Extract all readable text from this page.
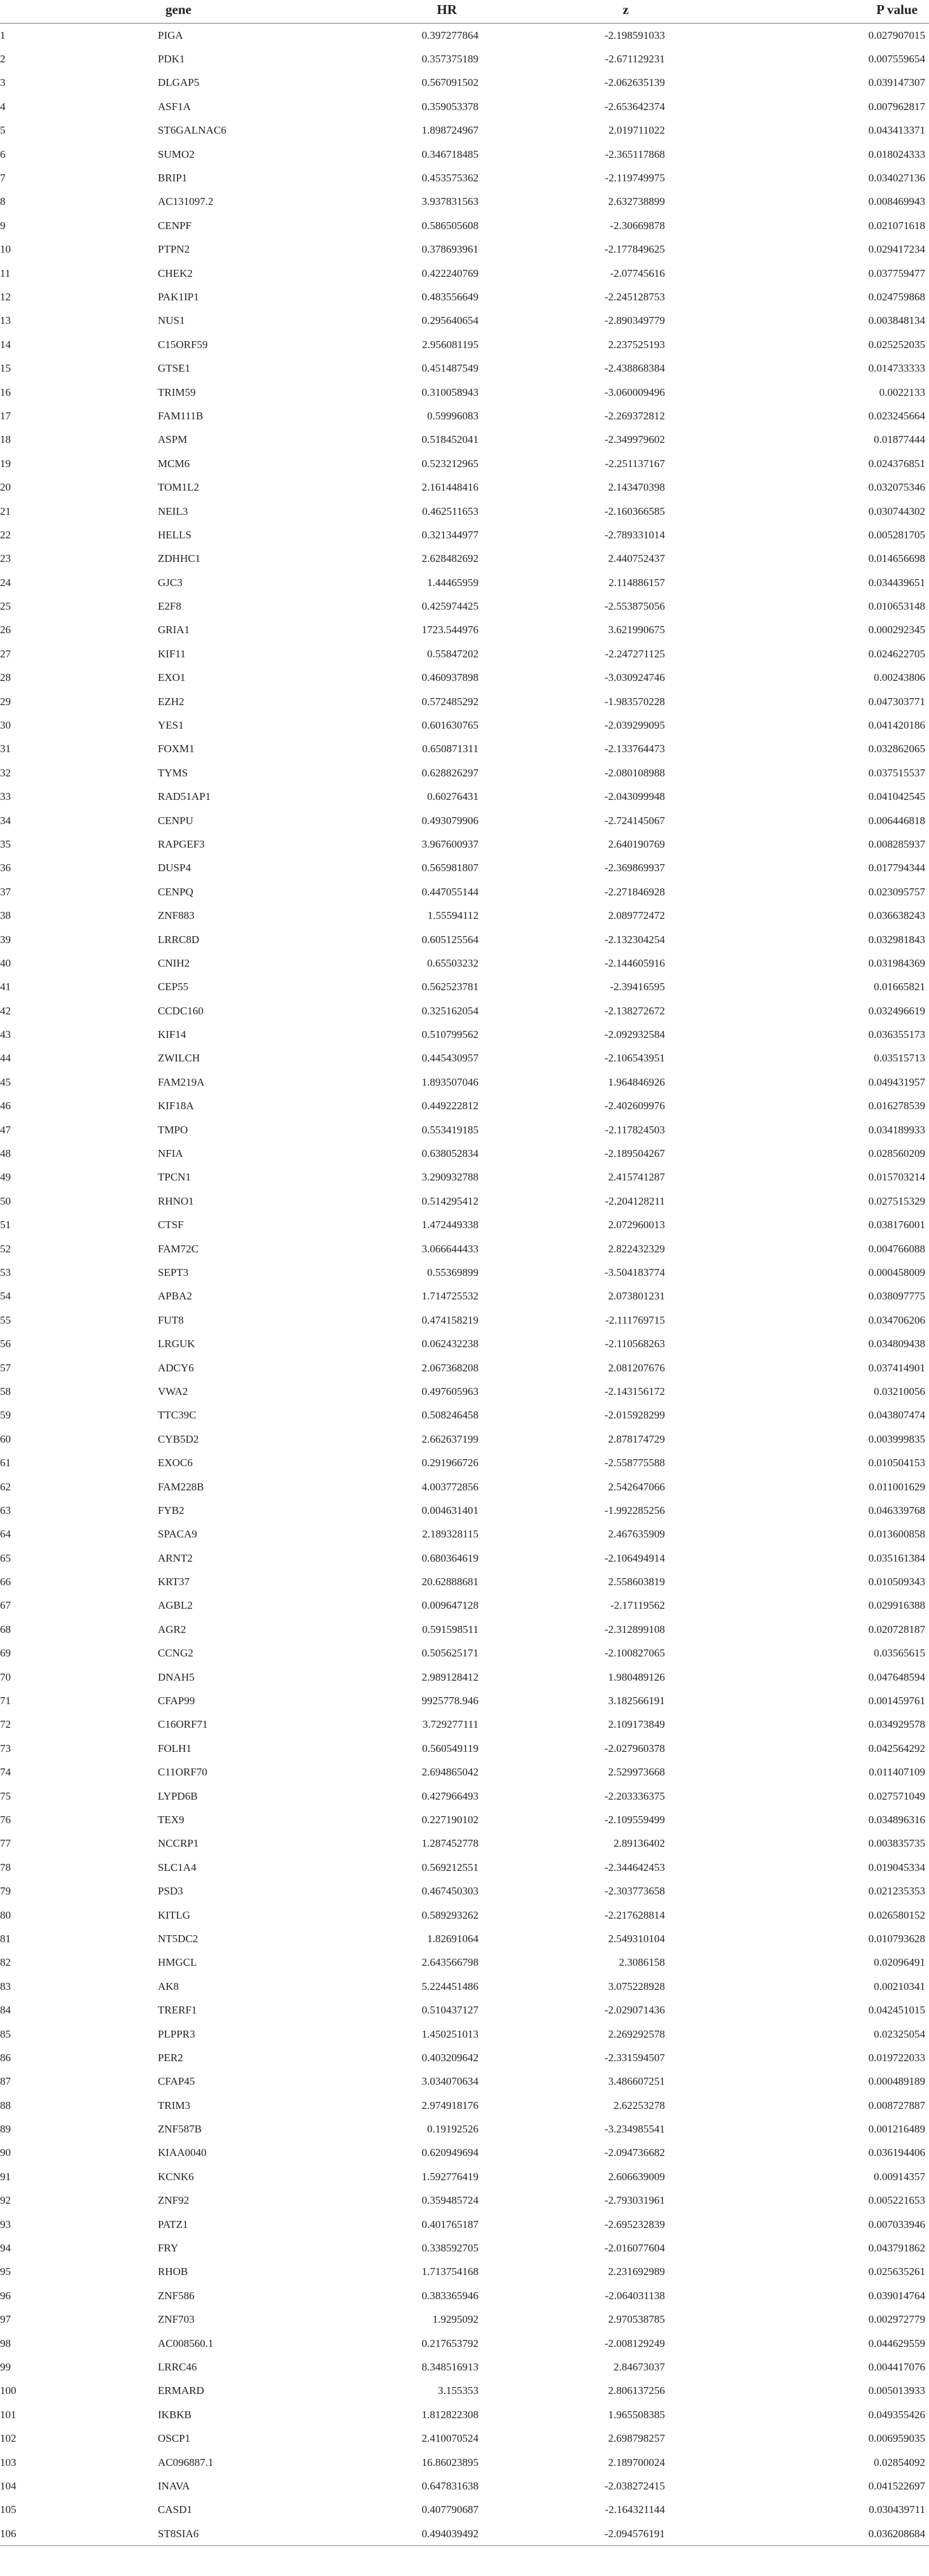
	gene	HR	z	P value
1	PIGA	0.397277864	-2.198591033	0.027907015
2	PDK1	0.357375189	-2.671129231	0.007559654
3	DLGAP5	0.567091502	-2.062635139	0.039147307
4	ASF1A	0.359053378	-2.653642374	0.007962817
5	ST6GALNAC6	1.898724967	2.019711022	0.043413371
6	SUMO2	0.346718485	-2.365117868	0.018024333
7	BRIP1	0.453575362	-2.119749975	0.034027136
8	AC131097.2	3.937831563	2.632738899	0.008469943
9	CENPF	0.586505608	-2.30669878	0.021071618
10	PTPN2	0.378693961	-2.177849625	0.029417234
11	CHEK2	0.422240769	-2.07745616	0.037759477
12	PAK1IP1	0.483556649	-2.245128753	0.024759868
13	NUS1	0.295640654	-2.890349779	0.003848134
14	C15ORF59	2.956081195	2.237525193	0.025252035
15	GTSE1	0.451487549	-2.438868384	0.014733333
16	TRIM59	0.310058943	-3.060009496	0.0022133
17	FAM111B	0.59996083	-2.269372812	0.023245664
18	ASPM	0.518452041	-2.349979602	0.01877444
19	MCM6	0.523212965	-2.251137167	0.024376851
20	TOM1L2	2.161448416	2.143470398	0.032075346
21	NEIL3	0.462511653	-2.160366585	0.030744302
22	HELLS	0.321344977	-2.789331014	0.005281705
23	ZDHHC1	2.628482692	2.440752437	0.014656698
24	GJC3	1.44465959	2.114886157	0.034439651
25	E2F8	0.425974425	-2.553875056	0.010653148
26	GRIA1	1723.544976	3.621990675	0.000292345
27	KIF11	0.55847202	-2.247271125	0.024622705
28	EXO1	0.460937898	-3.030924746	0.00243806
29	EZH2	0.572485292	-1.983570228	0.047303771
30	YES1	0.601630765	-2.039299095	0.041420186
31	FOXM1	0.650871311	-2.133764473	0.032862065
32	TYMS	0.628826297	-2.080108988	0.037515537
33	RAD51AP1	0.60276431	-2.043099948	0.041042545
34	CENPU	0.493079906	-2.724145067	0.006446818
35	RAPGEF3	3.967600937	2.640190769	0.008285937
36	DUSP4	0.565981807	-2.369869937	0.017794344
37	CENPQ	0.447055144	-2.271846928	0.023095757
38	ZNF883	1.55594112	2.089772472	0.036638243
39	LRRC8D	0.605125564	-2.132304254	0.032981843
40	CNIH2	0.65503232	-2.144605916	0.031984369
41	CEP55	0.562523781	-2.39416595	0.01665821
42	CCDC160	0.325162054	-2.138272672	0.032496619
43	KIF14	0.510799562	-2.092932584	0.036355173
44	ZWILCH	0.445430957	-2.106543951	0.03515713
45	FAM219A	1.893507046	1.964846926	0.049431957
46	KIF18A	0.449222812	-2.402609976	0.016278539
47	TMPO	0.553419185	-2.117824503	0.034189933
48	NFIA	0.638052834	-2.189504267	0.028560209
49	TPCN1	3.290932788	2.415741287	0.015703214
50	RHNO1	0.514295412	-2.204128211	0.027515329
51	CTSF	1.472449338	2.072960013	0.038176001
52	FAM72C	3.066644433	2.822432329	0.004766088
53	SEPT3	0.55369899	-3.504183774	0.000458009
54	APBA2	1.714725532	2.073801231	0.038097775
55	FUT8	0.474158219	-2.111769715	0.034706206
56	LRGUK	0.062432238	-2.110568263	0.034809438
57	ADCY6	2.067368208	2.081207676	0.037414901
58	VWA2	0.497605963	-2.143156172	0.03210056
59	TTC39C	0.508246458	-2.015928299	0.043807474
60	CYB5D2	2.662637199	2.878174729	0.003999835
61	EXOC6	0.291966726	-2.558775588	0.010504153
62	FAM228B	4.003772856	2.542647066	0.011001629
63	FYB2	0.004631401	-1.992285256	0.046339768
64	SPACA9	2.189328115	2.467635909	0.013600858
65	ARNT2	0.680364619	-2.106494914	0.035161384
66	KRT37	20.62888681	2.558603819	0.010509343
67	AGBL2	0.009647128	-2.17119562	0.029916388
68	AGR2	0.591598511	-2.312899108	0.020728187
69	CCNG2	0.505625171	-2.100827065	0.03565615
70	DNAH5	2.989128412	1.980489126	0.047648594
71	CFAP99	9925778.946	3.182566191	0.001459761
72	C16ORF71	3.729277111	2.109173849	0.034929578
73	FOLH1	0.560549119	-2.027960378	0.042564292
74	C11ORF70	2.694865042	2.529973668	0.011407109
75	LYPD6B	0.427966493	-2.203336375	0.027571049
76	TEX9	0.227190102	-2.109559499	0.034896316
77	NCCRP1	1.287452778	2.89136402	0.003835735
78	SLC1A4	0.569212551	-2.344642453	0.019045334
79	PSD3	0.467450303	-2.303773658	0.021235353
80	KITLG	0.589293262	-2.217628814	0.026580152
81	NT5DC2	1.82691064	2.549310104	0.010793628
82	HMGCL	2.643566798	2.3086158	0.02096491
83	AK8	5.224451486	3.075228928	0.00210341
84	TRERF1	0.510437127	-2.029071436	0.042451015
85	PLPPR3	1.450251013	2.269292578	0.02325054
86	PER2	0.403209642	-2.331594507	0.019722033
87	CFAP45	3.034070634	3.486607251	0.000489189
88	TRIM3	2.974918176	2.62253278	0.008727887
89	ZNF587B	0.19192526	-3.234985541	0.001216489
90	KIAA0040	0.620949694	-2.094736682	0.036194406
91	KCNK6	1.592776419	2.606639009	0.00914357
92	ZNF92	0.359485724	-2.793031961	0.005221653
93	PATZ1	0.401765187	-2.695232839	0.007033946
94	FRY	0.338592705	-2.016077604	0.043791862
95	RHOB	1.713754168	2.231692989	0.025635261
96	ZNF586	0.383365946	-2.064031138	0.039014764
97	ZNF703	1.9295092	2.970538785	0.002972779
98	AC008560.1	0.217653792	-2.008129249	0.044629559
99	LRRC46	8.348516913	2.84673037	0.004417076
100	ERMARD	3.155353	2.806137256	0.005013933
101	IKBKB	1.812822308	1.965508385	0.049355426
102	OSCP1	2.410070524	2.698798257	0.006959035
103	AC096887.1	16.86023895	2.189700024	0.02854092
104	INAVA	0.647831638	-2.038272415	0.041522697
105	CASD1	0.407790687	-2.164321144	0.030439711
106	ST8SIA6	0.494039492	-2.094576191	0.036208684
